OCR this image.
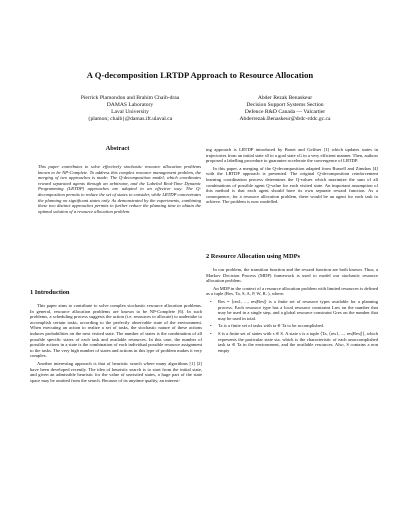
A Q-decomposition LRTDP Approach to Resource Allocation
Pierrick Plamondon and Brahim Chaib-draa
DAMAS Laboratory
Laval University
{plamon; chaib}@damas.ift.ulaval.ca
Abder Rezak Benaskeur
Decision Support Systems Section
Defence R&D Canada — Valcartier
Abderrezak.Benaskeur@drdc-rddc.gc.ca
Abstract
This paper contributes to solve effectively stochastic resource allocation problems known to be NP-Complete. To address this complex resource management problem, the merging of two approaches is made: The Q-decomposition model, which coordinates reward separated agents through an arbitrator, and the Labeled Real-Time Dynamic Programming (LRTDP) approaches are adapted in an effective way. The Q-decomposition permits to reduce the set of states to consider, while LRTDP concentrates the planning on significant states only. As demonstrated by the experiments, combining these two distinct approaches permits to further reduce the planning time to obtain the optimal solution of a resource allocation problem.
1 Introduction

This paper aims to contribute to solve complex stochastic resource allocation problems. In general, resource allocation problems are known to be NP-Complete [6]. In such problems, a scheduling process suggests the action (i.e. resources to allocate) to undertake to accomplish certain tasks, according to the perfectly observable state of the environment. When executing an action to realize a set of tasks, the stochastic nature of these actions induces probabilities on the next visited state. The number of states is the combination of all possible specific states of each task and available resources. In this case, the number of possible actions in a state is the combination of each individual possible resource assignment to the tasks. The very high number of states and actions in this type of problem makes it very complex.

Another interesting approach is that of heuristic search where many algorithms [1] [2] have been developed recently. The idea of heuristic search is to start from the initial state, and given an admissible heuristic for the value of unvisited states, a huge part of the state space may be omitted from the search. Because of its anytime quality, an interest-

ing approach is LRTDP introduced by Bonet and Geffner [1] which updates states in trajectories from an initial state s0 to a goal state sG in a very efficient manner. Then, authors proposed a labelling procedure to guarantee accelerate the convergence of LRTDP.

In this paper, a merging of the Q-decomposition adapted from Russell and Zimdars [4] with the LRTDP approach is presented. The original Q-decomposition reinforcement learning coordination process determines the Q-values which maximize the sum of all combinations of possible agent Q-value for each visited state. An important assumption of this method is that each agent should have its own separate reward function. As a consequence, for a resource allocation problem, there would be an agent for each task to achieve. The problem is now modelled.

2 Resource Allocation using MDPs

In our problem, the transition function and the reward function are both known. Thus, a Markov Decision Process (MDP) framework is used to model our stochastic resource allocation problem.

An MDP in the context of a resource allocation problem with limited resources is defined as a tuple (Res, Ta, S, A, P, W, R, ), where:

• Res = ⟨res1, ..., res|Res|⟩ is a finite set of resource types available for a planning process. Each resource type has a local resource constraint Lres on the number that may be used in a single step, and a global resource constraint Gres on the number that may be used in total.
• Ta is a finite set of tasks with ta ∈ Ta to be accomplished.
• S is a finite set of states with s ∈ S. A state s is a tuple ⟨Ta, ⟨res1, ..., res|Res|⟩⟩, which represents the particular state sta, which is the characteristic of each unaccomplished task ta ∈ Ta in the environment, and the available resources. Also, S contains a non empty
